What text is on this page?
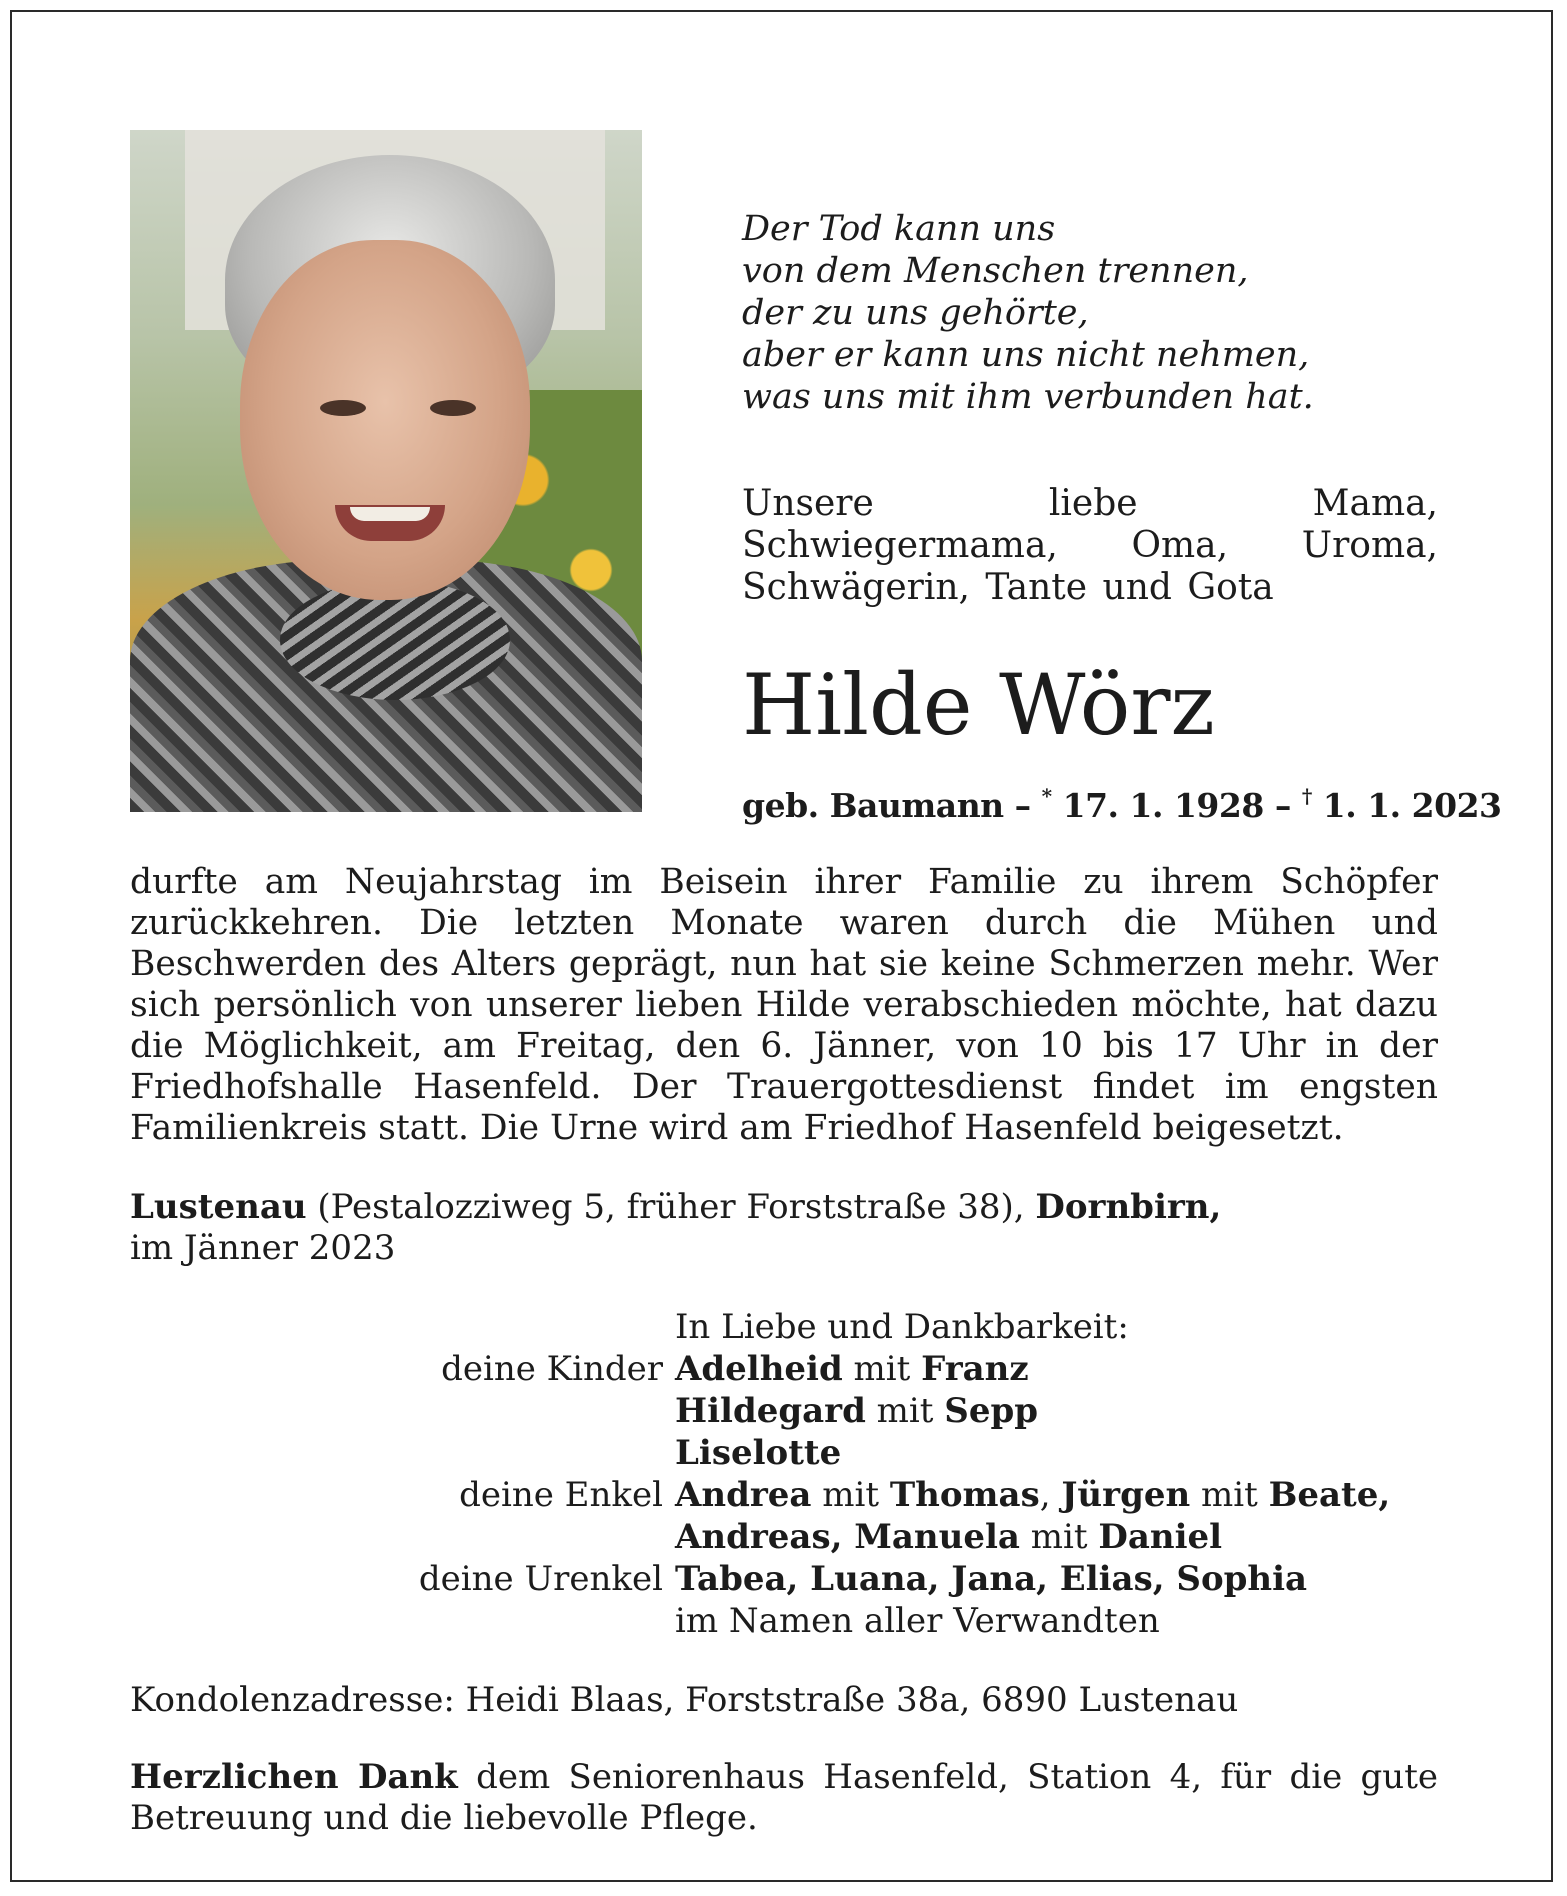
Der Tod kann uns
von dem Menschen trennen,
der zu uns gehörte,
aber er kann uns nicht nehmen,
was uns mit ihm verbunden hat.
Unsere liebe Mama, Schwiegermama, Oma, Uroma, Schwägerin, Tante und Gota
Hilde Wörz
geb. Baumann – * 17. 1. 1928 – † 1. 1. 2023
durfte am Neujahrstag im Beisein ihrer Familie zu ihrem Schöpfer zurückkehren. Die letzten Monate waren durch die Mühen und Beschwerden des Alters geprägt, nun hat sie keine Schmerzen mehr. Wer sich persönlich von unserer lieben Hilde verabschieden möchte, hat dazu die Möglichkeit, am Freitag, den 6. Jänner, von 10 bis 17 Uhr in der Friedhofshalle Hasenfeld. Der Trauergottesdienst findet im engsten Familienkreis statt. Die Urne wird am Friedhof Hasenfeld beigesetzt.
Lustenau (Pestalozziweg 5, früher Forststraße 38), Dornbirn,
im Jänner 2023
In Liebe und Dankbarkeit:
deine Kinder Adelheid mit Franz
Hildegard mit Sepp
Liselotte
deine Enkel Andrea mit Thomas, Jürgen mit Beate,
Andreas, Manuela mit Daniel
deine Urenkel Tabea, Luana, Jana, Elias, Sophia
im Namen aller Verwandten
Kondolenzadresse: Heidi Blaas, Forststraße 38a, 6890 Lustenau
Herzlichen Dank dem Seniorenhaus Hasenfeld, Station 4, für die gute Betreuung und die liebevolle Pflege.
